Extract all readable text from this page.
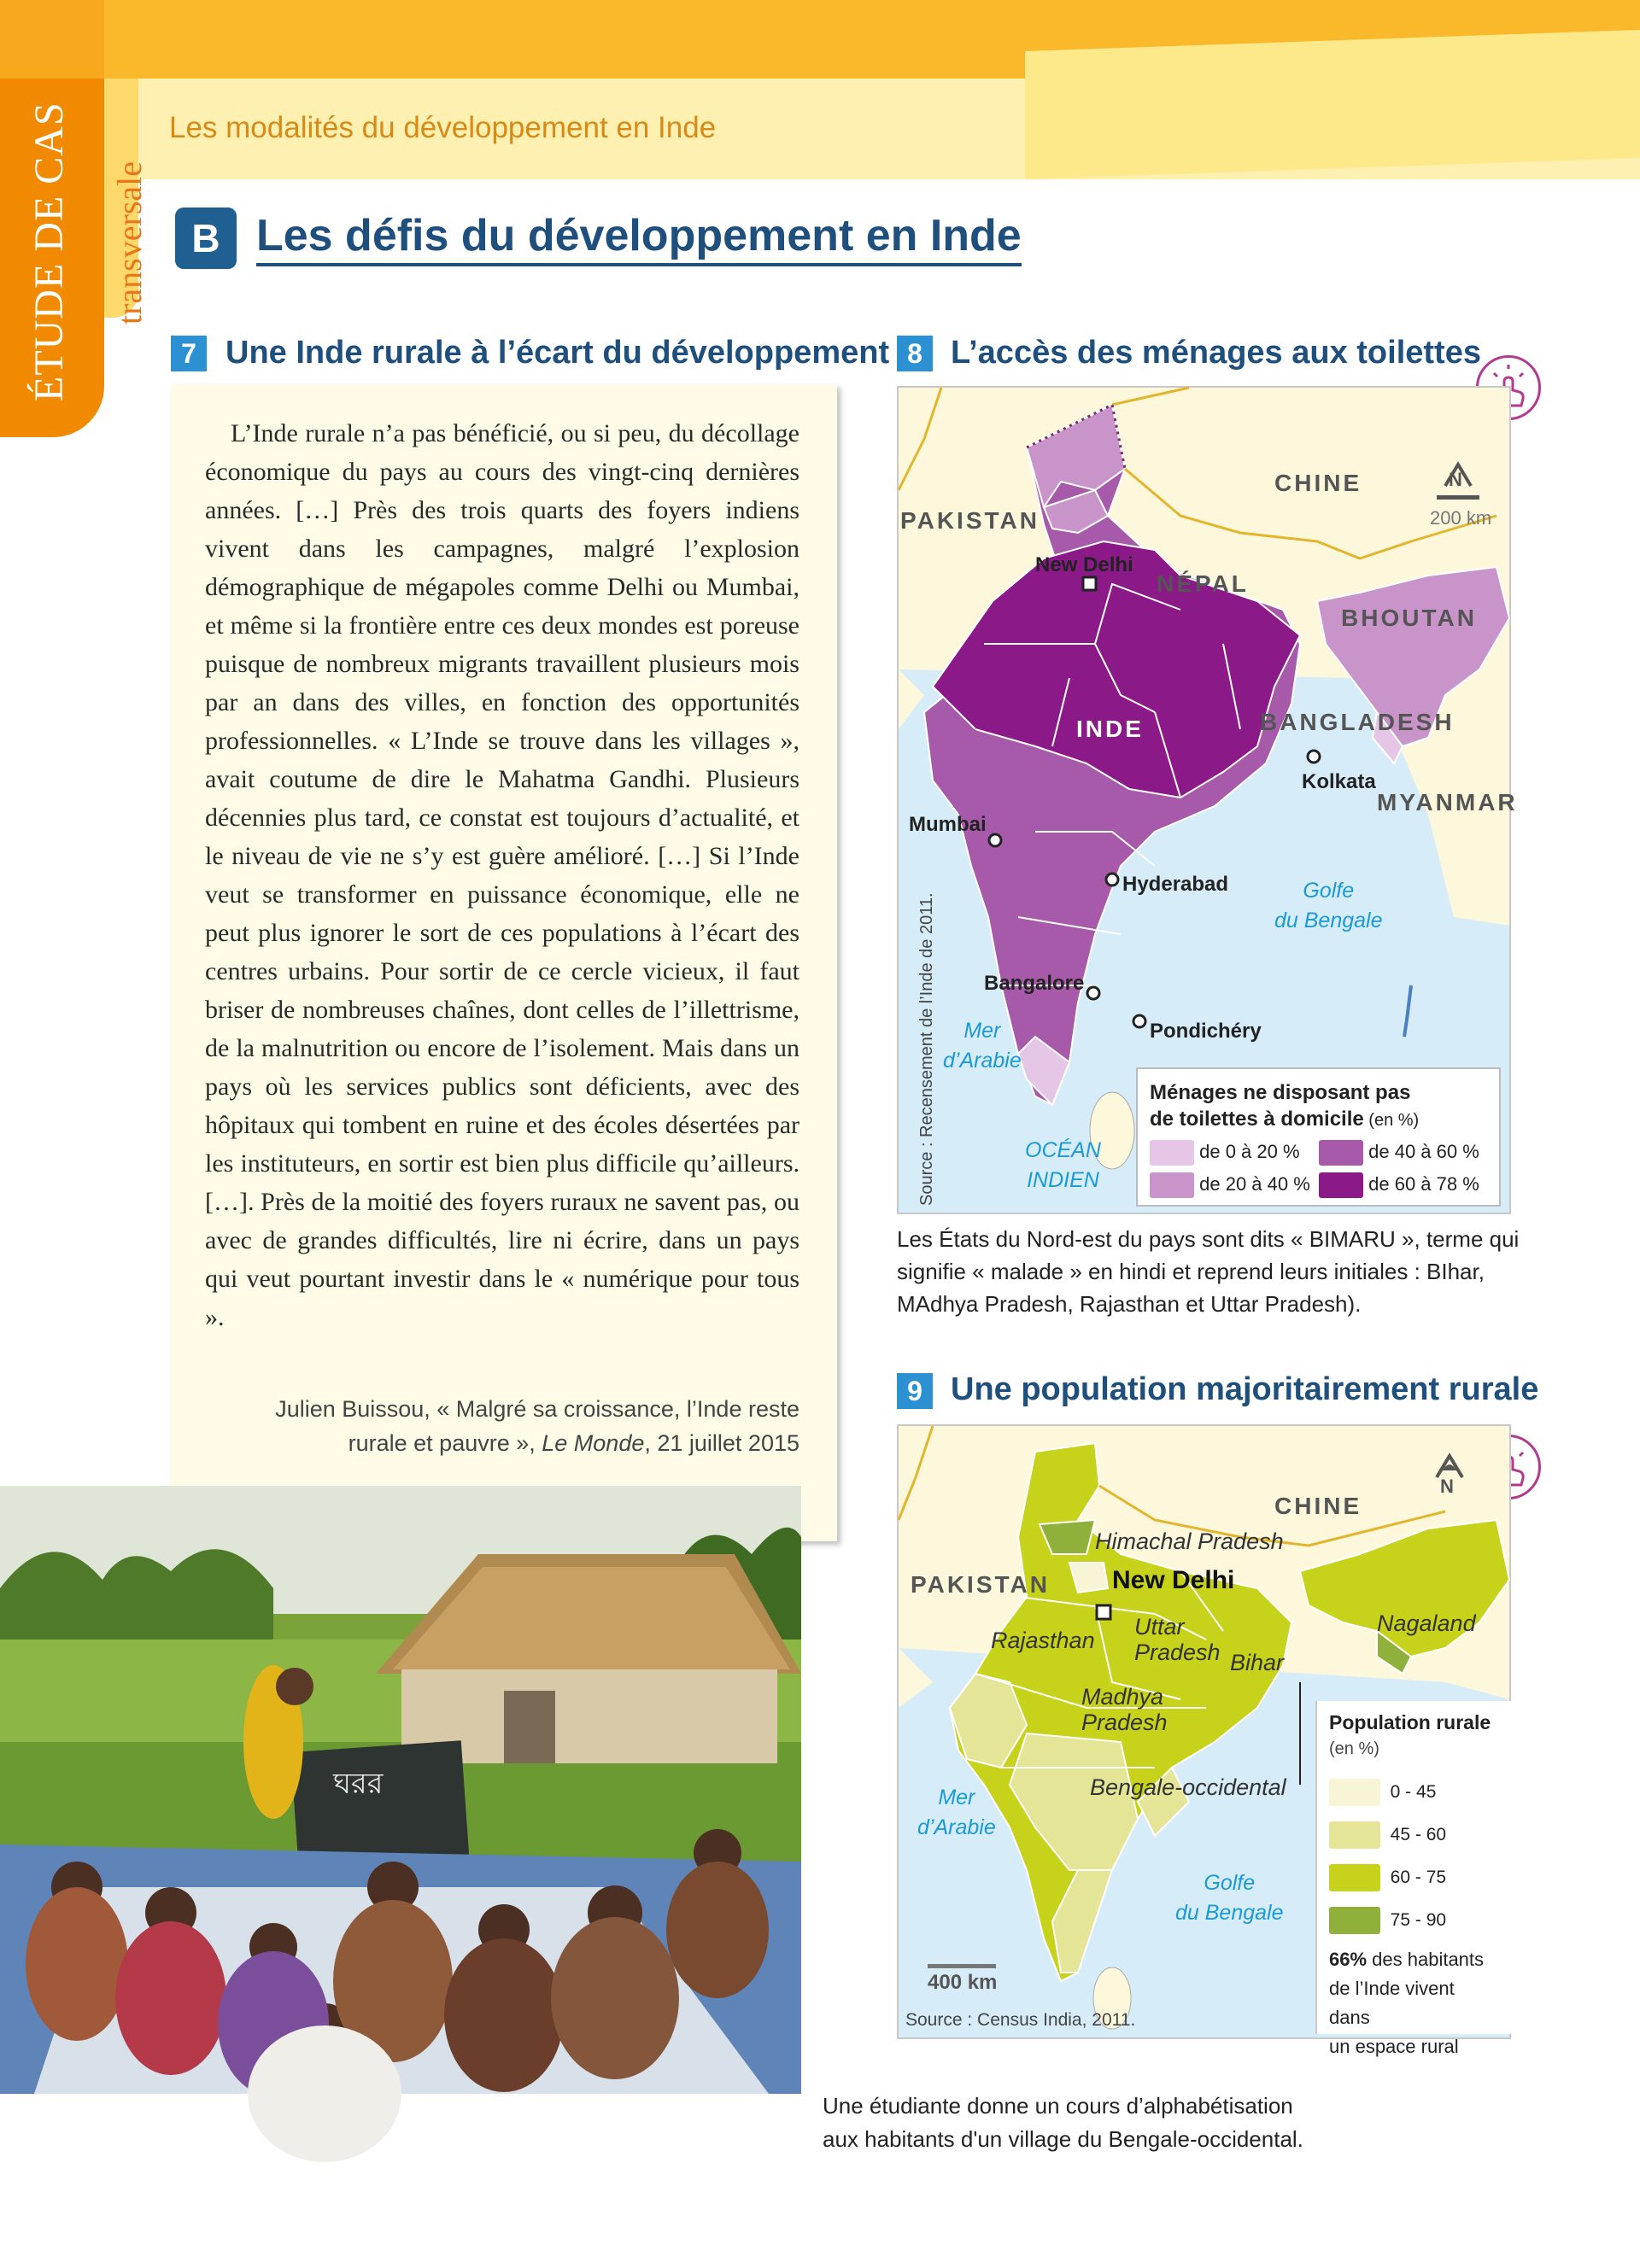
ÉTUDE DE CAS transversale
Les modalités du développement en Inde
B Les défis du développement en Inde
7 Une Inde rurale à l’écart du développement

L’Inde rurale n’a pas bénéficié, ou si peu, du décollage économique du pays au cours des vingt-cinq dernières années. […] Près des trois quarts des foyers indiens vivent dans les campagnes, malgré l’explosion démographique de mégapoles comme Delhi ou Mumbai, et même si la frontière entre ces deux mondes est poreuse puisque de nombreux migrants travaillent plusieurs mois par an dans des villes, en fonction des opportunités professionnelles. « L’Inde se trouve dans les villages », avait coutume de dire le Mahatma Gandhi. Plusieurs décennies plus tard, ce constat est toujours d’actualité, et le niveau de vie ne s’y est guère amélioré. […] Si l’Inde veut se transformer en puissance économique, elle ne peut plus ignorer le sort de ces populations à l’écart des centres urbains. Pour sortir de ce cercle vicieux, il faut briser de nombreuses chaînes, dont celles de l’illettrisme, de la malnutrition ou encore de l’isolement. Mais dans un pays où les services publics sont déficients, avec des hôpitaux qui tombent en ruine et des écoles désertées par les instituteurs, en sortir est bien plus difficile qu’ailleurs. […]. Près de la moitié des foyers ruraux ne savent pas, ou avec de grandes difficultés, lire ni écrire, dans un pays qui veut pourtant investir dans le « numérique pour tous ».

Julien Buissou, « Malgré sa croissance, l’Inde reste rurale et pauvre », Le Monde, 21 juillet 2015
ঘরর
Une étudiante donne un cours d’alphabétisation
aux habitants d'un village du Bengale-occidental.
8 L’accès des ménages aux toilettes
N
200 km
PAKISTAN
CHINE
NÉPAL
BHOUTAN
BANGLADESH
MYANMAR
INDE
New Delhi
Kolkata
Mumbai
Hyderabad
Bangalore
Pondichéry
Golfe
du Bengale
Mer
d’Arabie
OCÉAN
INDIEN
Source : Recensement de l’Inde de 2011.	Ménages ne disposant pas
de toilettes à domicile (en %)
de 0 à 20 %
de 20 à 40 %
de 40 à 60 %
de 60 à 78 %
Les États du Nord-est du pays sont dits « BIMARU », terme qui signifie « malade » en hindi et reprend leurs initiales : BIhar, MAdhya Pradesh, Rajasthan et Uttar Pradesh).
9 Une population majoritairement rurale
N
CHINE
PAKISTAN
Himachal Pradesh
New Delhi
Rajasthan
Uttar
Pradesh Bihar
Madhya
Pradesh
Bengale-occidental
Nagaland
Mer
d’Arabie
Golfe
du Bengale
400 km
Source : Census India, 2011.
Population rurale
(en %)
0 - 45
45 - 60
60 - 75
75 - 90
66% des habitants
de l’Inde vivent dans
un espace rural
